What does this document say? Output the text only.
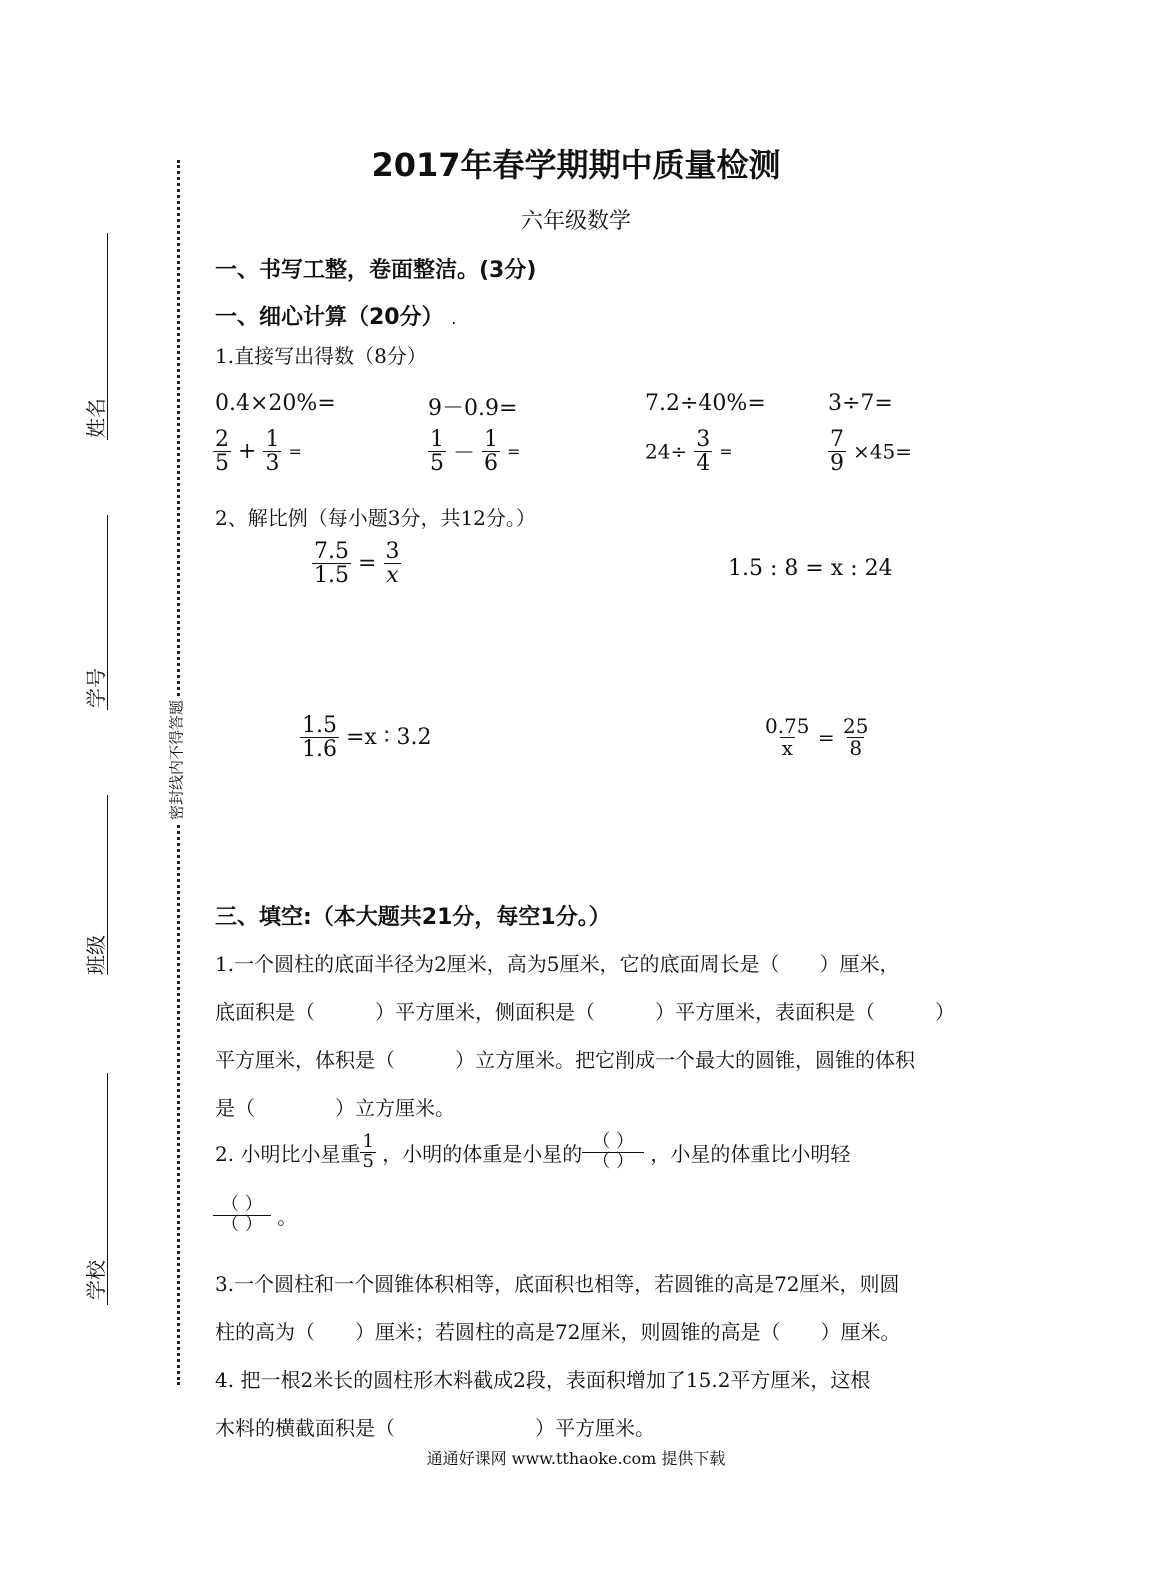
密封线内不得答题
姓名
学号
班级
学校
2017年春学期期中质量检测
六年级数学
一、书写工整，卷面整洁。(3分)
一、细心计算（20分） .
1.直接写出得数（8分）
0.4×20%=	9－0.9=	7.2÷40%=	3÷7=
$\frac{2}{5} + \frac{1}{3}$ =	$\frac{1}{5} - \frac{1}{6}$ =	$24\div \frac{3}{4}$ =	$\frac{7}{9} \times 45=$
2、解比例（每小题3分，共12分。）
$\frac{7.5}{1.5} = \frac{3}{x}$	1.5 : 8 = x : 24
$\frac{1.5}{1.6} =x$ ∶ 3.2	$\frac{0.75}{x} = \frac{25}{8}$
三、填空:（本大题共21分，每空1分。）
1.一个圆柱的底面半径为2厘米，高为5厘米，它的底面周长是（　　）厘米，
底面积是（　　　）平方厘米，侧面积是（　　　）平方厘米，表面积是（　　　）
平方厘米，体积是（　　　）立方厘米。把它削成一个最大的圆锥，圆锥的体积
是（　　　　）立方厘米。
2. 小明比小星重 $\frac{1}{5}$ ，小明的体重是小星的 $\frac{( )}{( )}$ ，小星的体重比小明轻
$\frac{( )}{( )}$ 。
3.一个圆柱和一个圆锥体积相等，底面积也相等，若圆锥的高是72厘米，则圆
柱的高为（　　）厘米；若圆柱的高是72厘米，则圆锥的高是（　　）厘米。
4. 把一根2米长的圆柱形木料截成2段，表面积增加了15.2平方厘米，这根
木料的横截面积是（　　　　　　　）平方厘米。
通通好课网 www.tthaoke.com 提供下载
